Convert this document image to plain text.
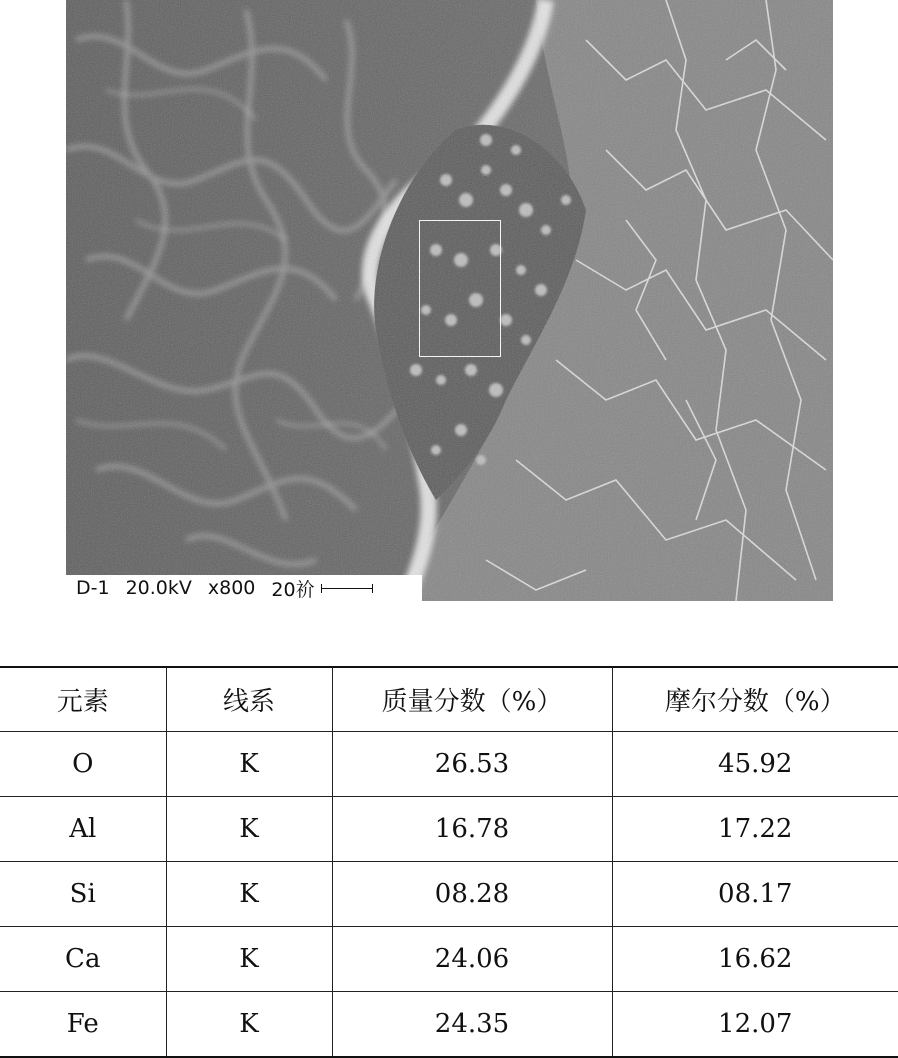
D-1 20.0kV x800 20祄
元素	线系	质量分数（%）	摩尔分数（%）
O	K	26.53	45.92
Al	K	16.78	17.22
Si	K	08.28	08.17
Ca	K	24.06	16.62
Fe	K	24.35	12.07
